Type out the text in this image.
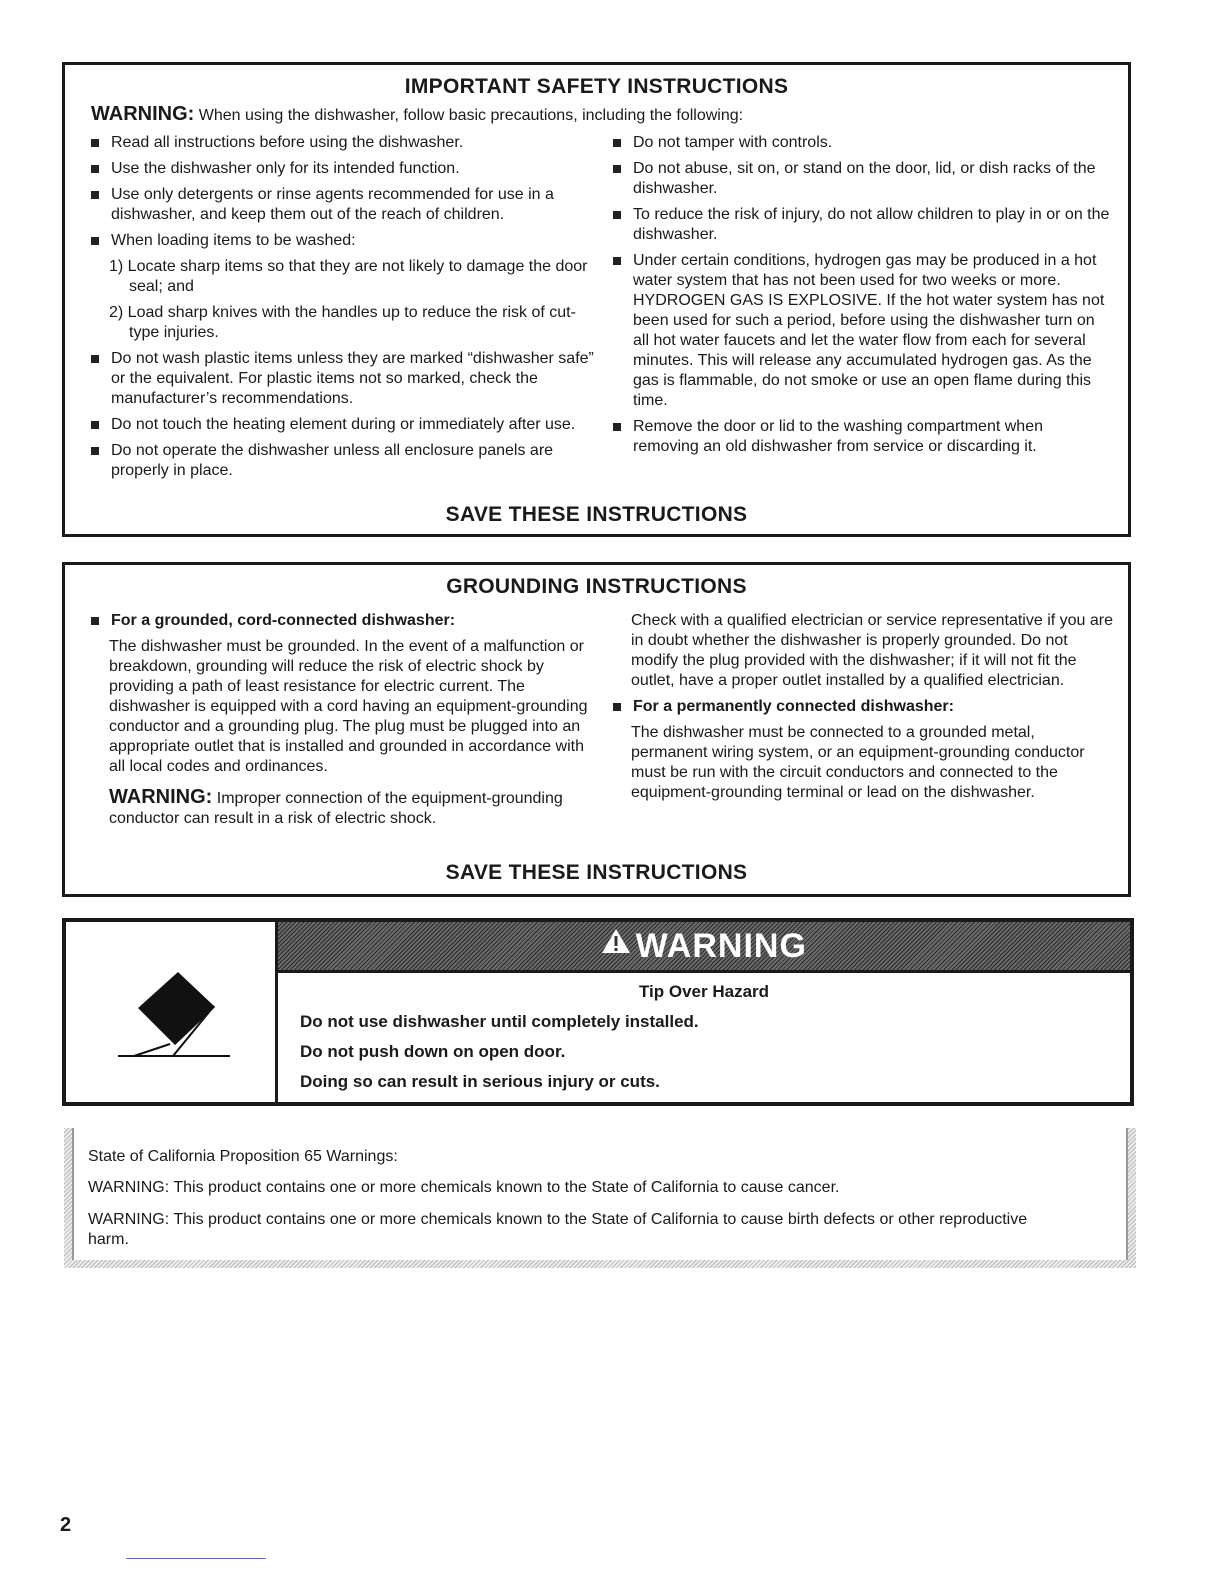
IMPORTANT SAFETY INSTRUCTIONS
WARNING: When using the dishwasher, follow basic precautions, including the following:
Read all instructions before using the dishwasher.
Use the dishwasher only for its intended function.
Use only detergents or rinse agents recommended for use in a dishwasher, and keep them out of the reach of children.
When loading items to be washed:
1) Locate sharp items so that they are not likely to damage the door seal; and
2) Load sharp knives with the handles up to reduce the risk of cut-type injuries.
Do not wash plastic items unless they are marked “dishwasher safe” or the equivalent. For plastic items not so marked, check the manufacturer’s recommendations.
Do not touch the heating element during or immediately after use.
Do not operate the dishwasher unless all enclosure panels are properly in place.
Do not tamper with controls.
Do not abuse, sit on, or stand on the door, lid, or dish racks of the dishwasher.
To reduce the risk of injury, do not allow children to play in or on the dishwasher.
Under certain conditions, hydrogen gas may be produced in a hot water system that has not been used for two weeks or more. HYDROGEN GAS IS EXPLOSIVE. If the hot water system has not been used for such a period, before using the dishwasher turn on all hot water faucets and let the water flow from each for several minutes. This will release any accumulated hydrogen gas. As the gas is flammable, do not smoke or use an open flame during this time.
Remove the door or lid to the washing compartment when removing an old dishwasher from service or discarding it.
SAVE THESE INSTRUCTIONS
GROUNDING INSTRUCTIONS
For a grounded, cord-connected dishwasher:
The dishwasher must be grounded. In the event of a malfunction or breakdown, grounding will reduce the risk of electric shock by providing a path of least resistance for electric current. The dishwasher is equipped with a cord having an equipment-grounding conductor and a grounding plug. The plug must be plugged into an appropriate outlet that is installed and grounded in accordance with all local codes and ordinances.
WARNING: Improper connection of the equipment-grounding conductor can result in a risk of electric shock.
Check with a qualified electrician or service representative if you are in doubt whether the dishwasher is properly grounded. Do not modify the plug provided with the dishwasher; if it will not fit the outlet, have a proper outlet installed by a qualified electrician.
For a permanently connected dishwasher:
The dishwasher must be connected to a grounded metal, permanent wiring system, or an equipment-grounding conductor must be run with the circuit conductors and connected to the equipment-grounding terminal or lead on the dishwasher.
SAVE THESE INSTRUCTIONS
WARNING
Tip Over Hazard
Do not use dishwasher until completely installed.
Do not push down on open door.
Doing so can result in serious injury or cuts.
State of California Proposition 65 Warnings:
WARNING: This product contains one or more chemicals known to the State of California to cause cancer.
WARNING: This product contains one or more chemicals known to the State of California to cause birth defects or other reproductive harm.
2
